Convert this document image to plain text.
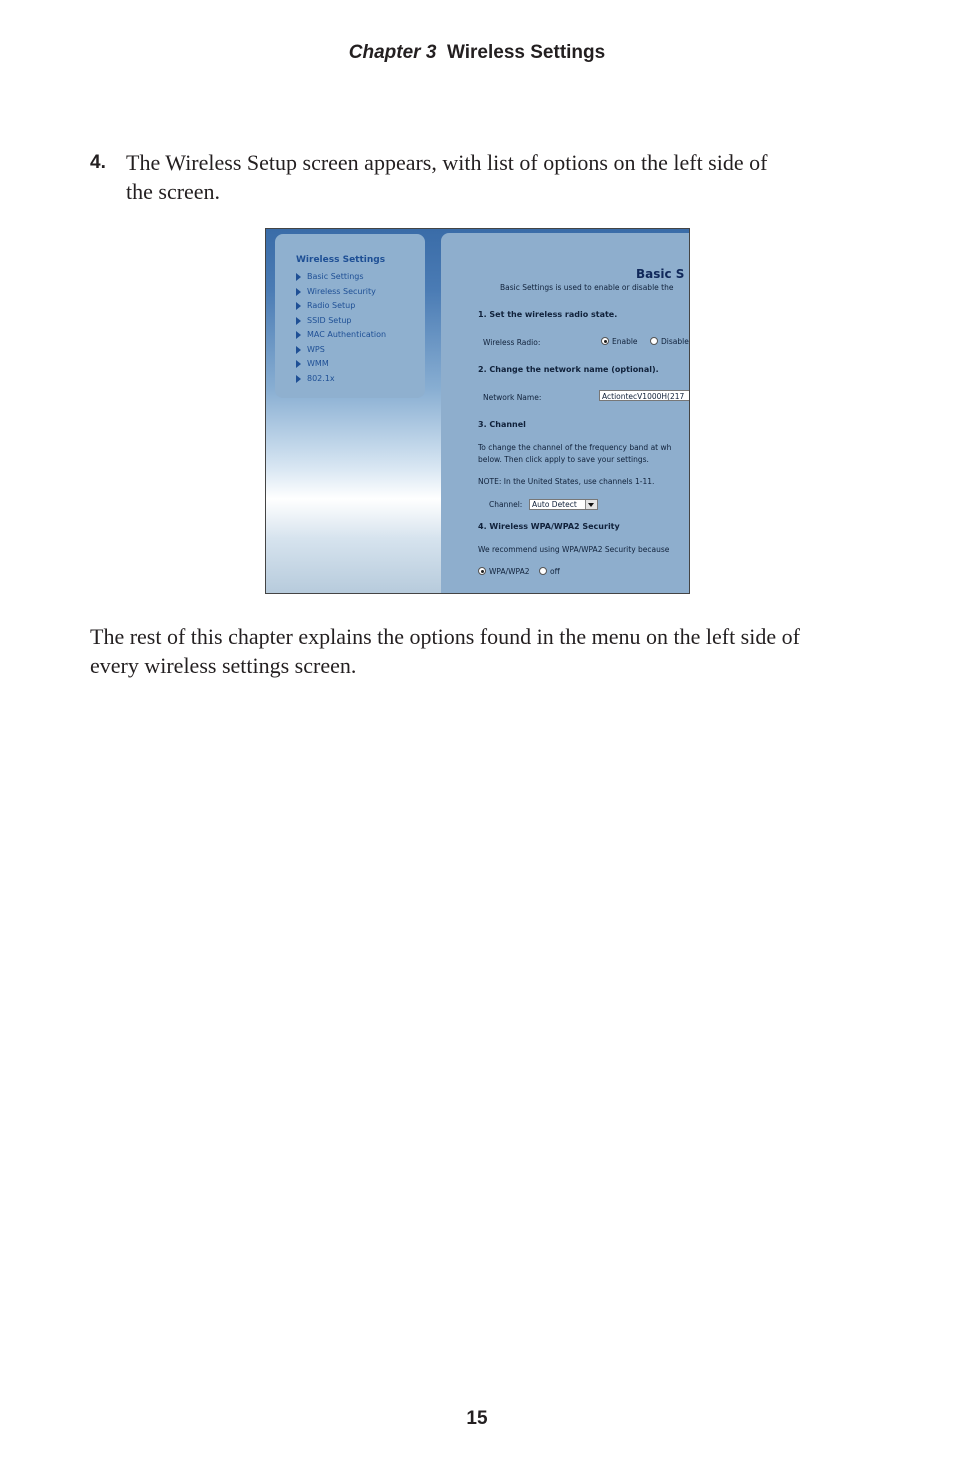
Chapter 3 Wireless Settings
4. The Wireless Setup screen appears, with list of options on the left side of
the screen.
Wireless Settings
Basic Settings
Wireless Security
Radio Setup
SSID Setup
MAC Authentication
WPS
WMM
802.1x
Basic S
Basic Settings is used to enable or disable the
1. Set the wireless radio state.
Wireless Radio:	Enable	Disable
2. Change the network name (optional).
Network Name:	ActiontecV1000H(217
3. Channel
To change the channel of the frequency band at wh
below. Then click apply to save your settings.
NOTE: In the United States, use channels 1-11.
Channel:	Auto Detect
4. Wireless WPA/WPA2 Security
We recommend using WPA/WPA2 Security because
WPA/WPA2	off
The rest of this chapter explains the options found in the menu on the left side of
every wireless settings screen.
15
